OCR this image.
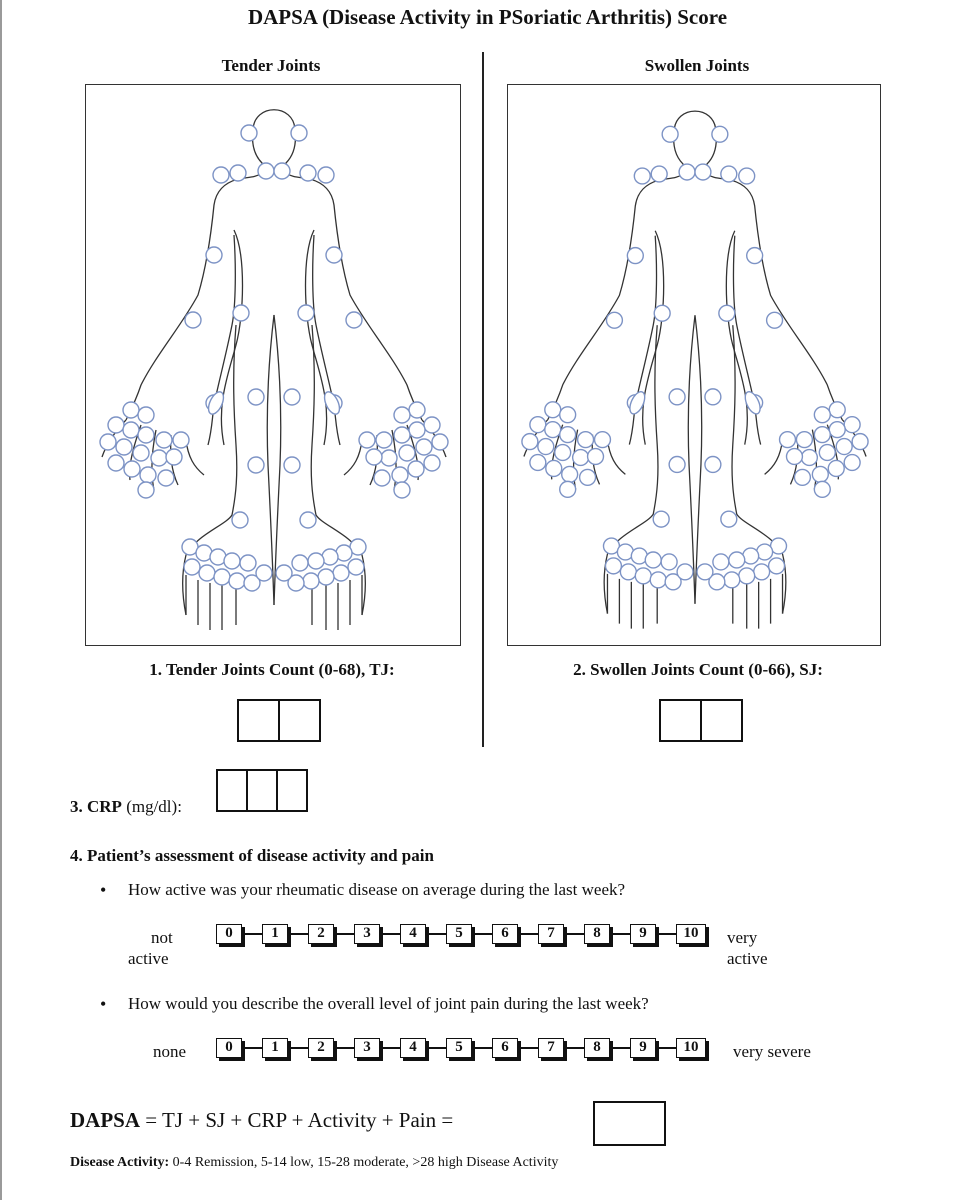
DAPSA (Disease Activity in PSoriatic Arthritis) Score
Tender Joints	Swollen Joints
1. Tender Joints Count (0-68), TJ:	2. Swollen Joints Count (0-66), SJ:
3. CRP (mg/dl):
4. Patient’s assessment of disease activity and pain
• How active was your rheumatic disease on average during the last week?
not
active
0	1	2	3	4	5	6	7	8	9	10	very
active
• How would you describe the overall level of joint pain during the last week?
none	0	1	2	3	4	5	6	7	8	9	10	very severe
DAPSA = TJ + SJ + CRP + Activity + Pain =
Disease Activity: 0-4 Remission, 5-14 low, 15-28 moderate, >28 high Disease Activity
